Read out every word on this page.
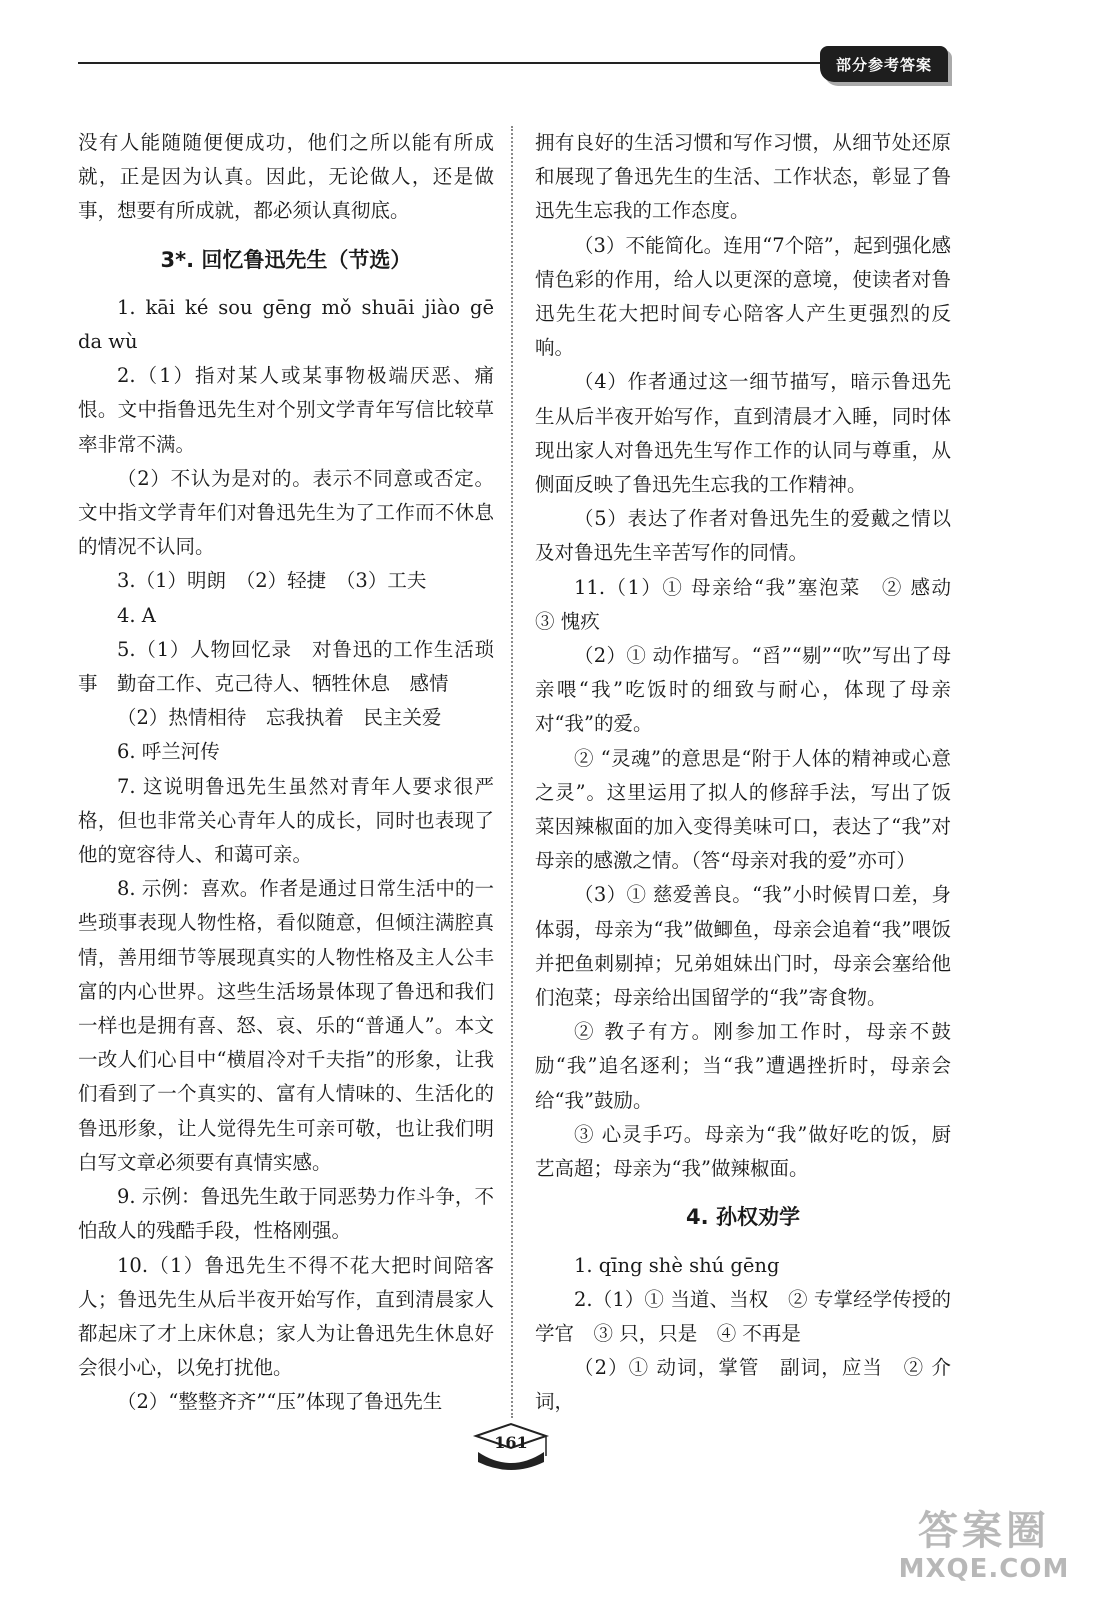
部分参考答案

没有人能随随便便成功，他们之所以能有所成就，正是因为认真。因此，无论做人，还是做事，想要有所成就，都必须认真彻底。

3*. 回忆鲁迅先生（节选）

1. kāi ké sou gēng mǒ shuāi jiào gē da wù

2.（1）指对某人或某事物极端厌恶、痛恨。文中指鲁迅先生对个别文学青年写信比较草率非常不满。

（2）不认为是对的。表示不同意或否定。文中指文学青年们对鲁迅先生为了工作而不休息的情况不认同。

3.（1）明朗　（2）轻捷　（3）工夫

4. A

5.（1）人物回忆录　对鲁迅的工作生活琐事　勤奋工作、克己待人、牺牲休息　感情

（2）热情相待　忘我执着　民主关爱

6. 呼兰河传

7. 这说明鲁迅先生虽然对青年人要求很严格，但也非常关心青年人的成长，同时也表现了他的宽容待人、和蔼可亲。

8. 示例：喜欢。作者是通过日常生活中的一些琐事表现人物性格，看似随意，但倾注满腔真情，善用细节等展现真实的人物性格及主人公丰富的内心世界。这些生活场景体现了鲁迅和我们一样也是拥有喜、怒、哀、乐的“普通人”。本文一改人们心目中“横眉冷对千夫指”的形象，让我们看到了一个真实的、富有人情味的、生活化的鲁迅形象，让人觉得先生可亲可敬，也让我们明白写文章必须要有真情实感。

9. 示例：鲁迅先生敢于同恶势力作斗争，不怕敌人的残酷手段，性格刚强。

10.（1）鲁迅先生不得不花大把时间陪客人；鲁迅先生从后半夜开始写作，直到清晨家人都起床了才上床休息；家人为让鲁迅先生休息好会很小心，以免打扰他。

（2）“整整齐齐”“压”体现了鲁迅先生

拥有良好的生活习惯和写作习惯，从细节处还原和展现了鲁迅先生的生活、工作状态，彰显了鲁迅先生忘我的工作态度。

（3）不能简化。连用“7个陪”，起到强化感情色彩的作用，给人以更深的意境，使读者对鲁迅先生花大把时间专心陪客人产生更强烈的反响。

（4）作者通过这一细节描写，暗示鲁迅先生从后半夜开始写作，直到清晨才入睡，同时体现出家人对鲁迅先生写作工作的认同与尊重，从侧面反映了鲁迅先生忘我的工作精神。

（5）表达了作者对鲁迅先生的爱戴之情以及对鲁迅先生辛苦写作的同情。

11.（1）① 母亲给“我”塞泡菜　② 感动　③ 愧疚

（2）① 动作描写。“舀”“剔”“吹”写出了母亲喂“我”吃饭时的细致与耐心，体现了母亲对“我”的爱。

② “灵魂”的意思是“附于人体的精神或心意之灵”。这里运用了拟人的修辞手法，写出了饭菜因辣椒面的加入变得美味可口，表达了“我”对母亲的感激之情。（答“母亲对我的爱”亦可）

（3）① 慈爱善良。“我”小时候胃口差，身体弱，母亲为“我”做鲫鱼，母亲会追着“我”喂饭并把鱼刺剔掉；兄弟姐妹出门时，母亲会塞给他们泡菜；母亲给出国留学的“我”寄食物。

② 教子有方。刚参加工作时，母亲不鼓励“我”追名逐利；当“我”遭遇挫折时，母亲会给“我”鼓励。

③ 心灵手巧。母亲为“我”做好吃的饭，厨艺高超；母亲为“我”做辣椒面。

4. 孙权劝学

1. qīng shè shú gēng

2.（1）① 当道、当权　② 专掌经学传授的学官　③ 只，只是　④ 不再是

（2）① 动词，掌管　副词，应当　② 介词，

161
答案圈
MXQE.COM
